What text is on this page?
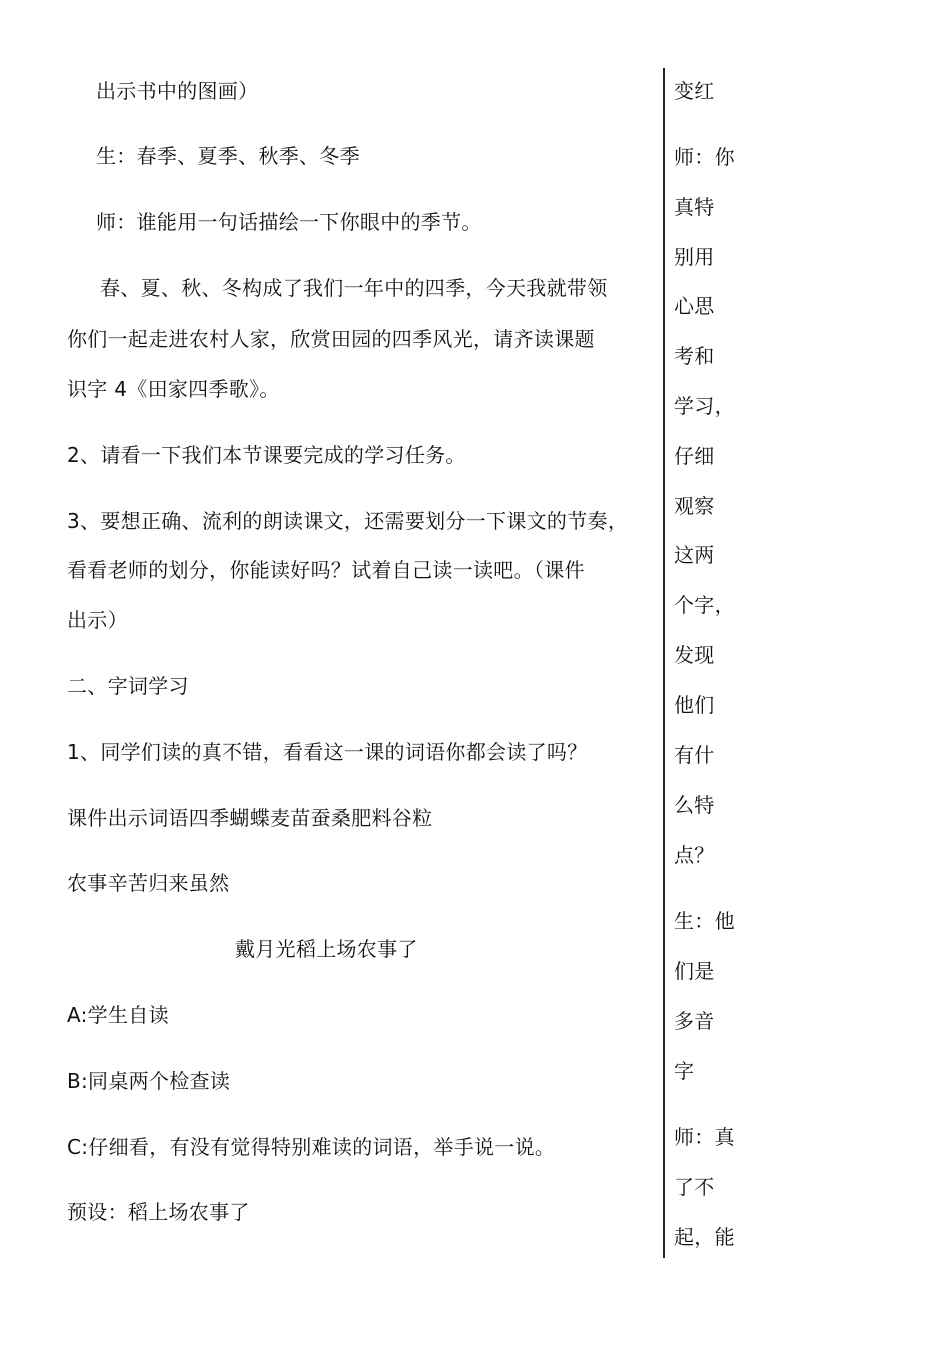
出示书中的图画）
生：春季、夏季、秋季、冬季
师：谁能用一句话描绘一下你眼中的季节。
春、夏、秋、冬构成了我们一年中的四季，今天我就带领
你们一起走进农村人家，欣赏田园的四季风光，请齐读课题
识字 4《田家四季歌》。
2、请看一下我们本节课要完成的学习任务。
3、要想正确、流利的朗读课文，还需要划分一下课文的节奏，
看看老师的划分，你能读好吗？试着自己读一读吧。（课件
出示）
二、字词学习
1、同学们读的真不错，看看这一课的词语你都会读了吗？
课件出示词语四季蝴蝶麦苗蚕桑肥料谷粒
农事辛苦归来虽然
戴月光稻上场农事了
A:学生自读
B:同桌两个检查读
C:仔细看，有没有觉得特别难读的词语，举手说一说。
预设：稻上场农事了
变红
师：你
真特
别用
心思
考和
学习，
仔细
观察
这两
个字，
发现
他们
有什
么特
点？
生：他
们是
多音
字
师：真
了不
起，能
